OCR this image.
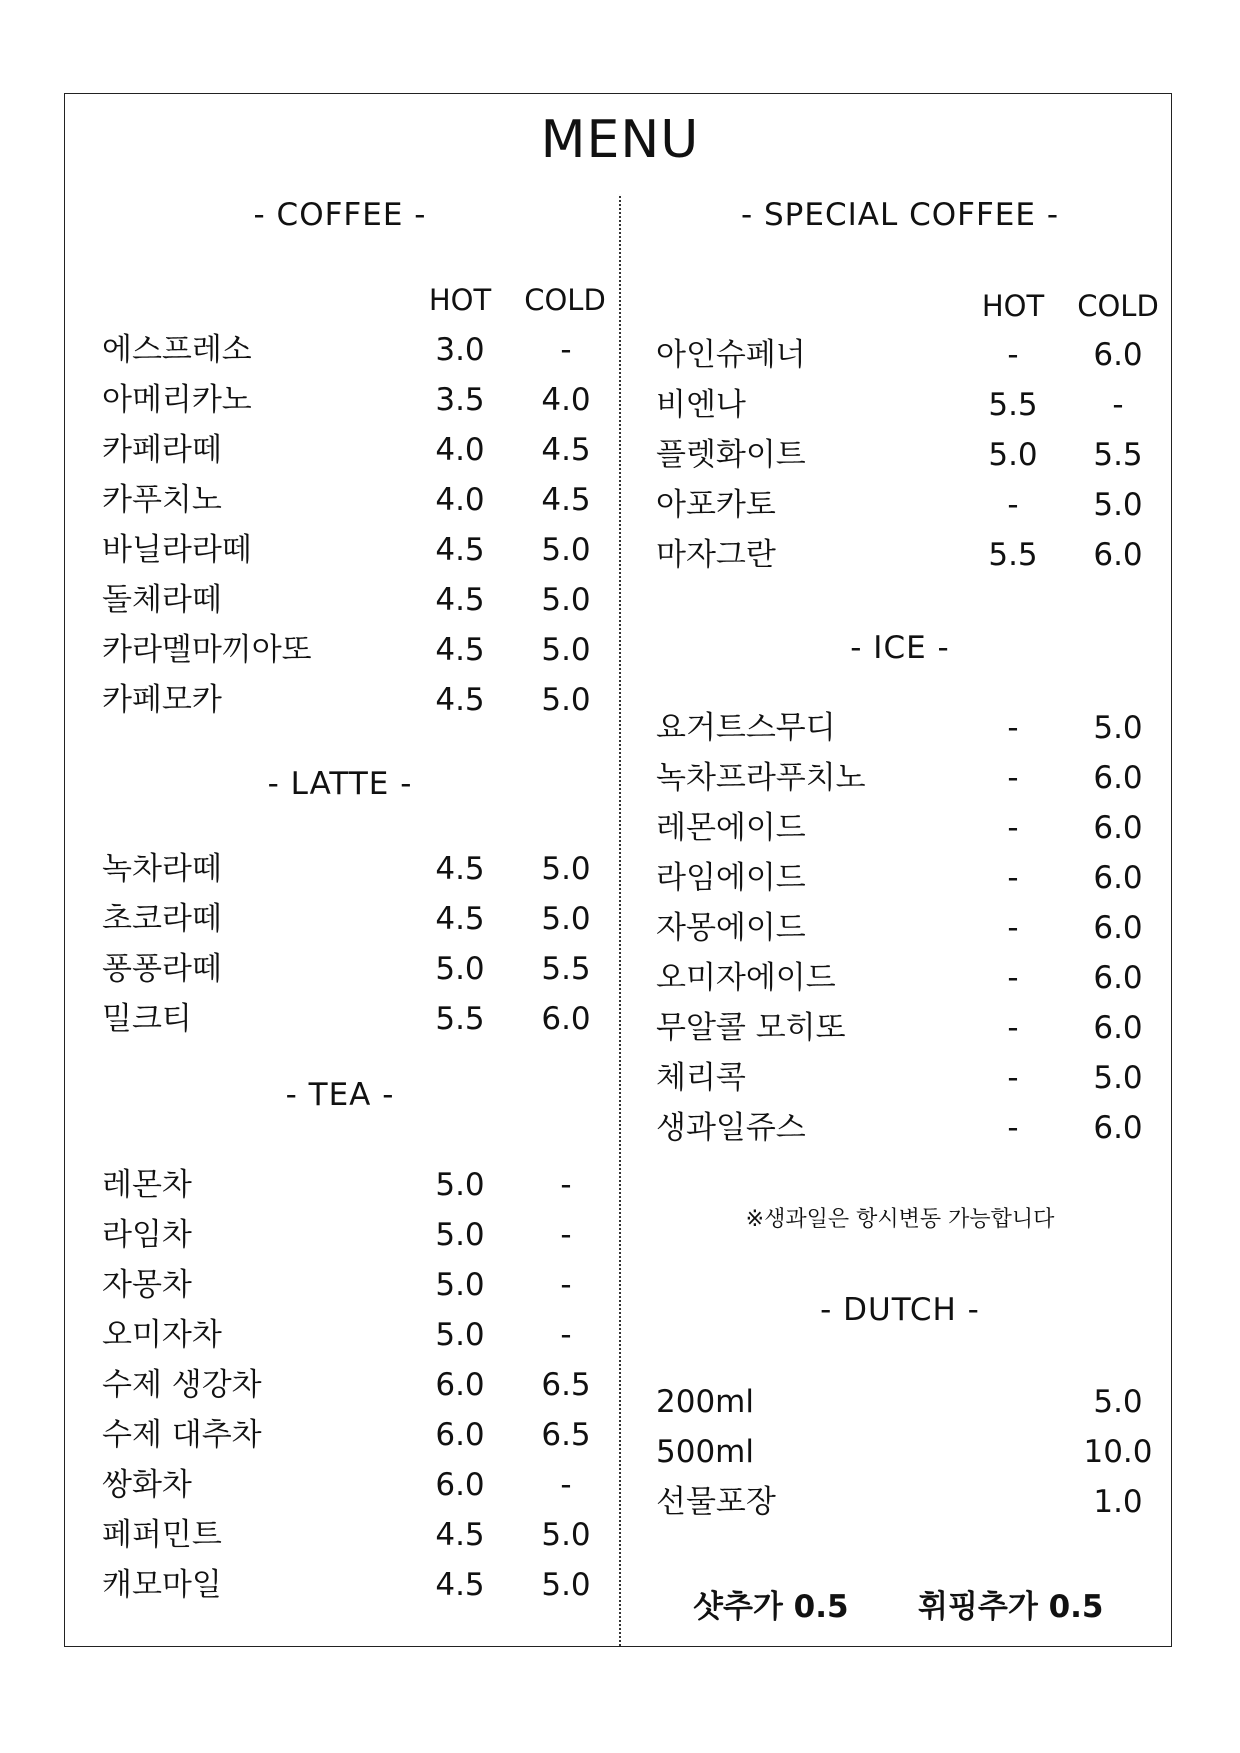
MENU
- COFFEE -
HOT	COLD
에스프레소	3.0	-
아메리카노	3.5	4.0
카페라떼	4.0	4.5
카푸치노	4.0	4.5
바닐라라떼	4.5	5.0
돌체라떼	4.5	5.0
카라멜마끼아또	4.5	5.0
카페모카	4.5	5.0
- LATTE -
녹차라떼	4.5	5.0
초코라떼	4.5	5.0
퐁퐁라떼	5.0	5.5
밀크티	5.5	6.0
- TEA -
레몬차	5.0	-
라임차	5.0	-
자몽차	5.0	-
오미자차	5.0	-
수제 생강차	6.0	6.5
수제 대추차	6.0	6.5
쌍화차	6.0	-
페퍼민트	4.5	5.0
캐모마일	4.5	5.0
- SPECIAL COFFEE -
HOT	COLD
아인슈페너	-	6.0
비엔나	5.5	-
플렛화이트	5.0	5.5
아포카토	-	5.0
마자그란	5.5	6.0
- ICE -
요거트스무디	-	5.0
녹차프라푸치노	-	6.0
레몬에이드	-	6.0
라임에이드	-	6.0
자몽에이드	-	6.0
오미자에이드	-	6.0
무알콜 모히또	-	6.0
체리콕	-	5.0
생과일쥬스	-	6.0
※생과일은 항시변동 가능합니다
- DUTCH -
200ml	5.0
500ml	10.0
선물포장	1.0
샷추가 0.5 휘핑추가 0.5
